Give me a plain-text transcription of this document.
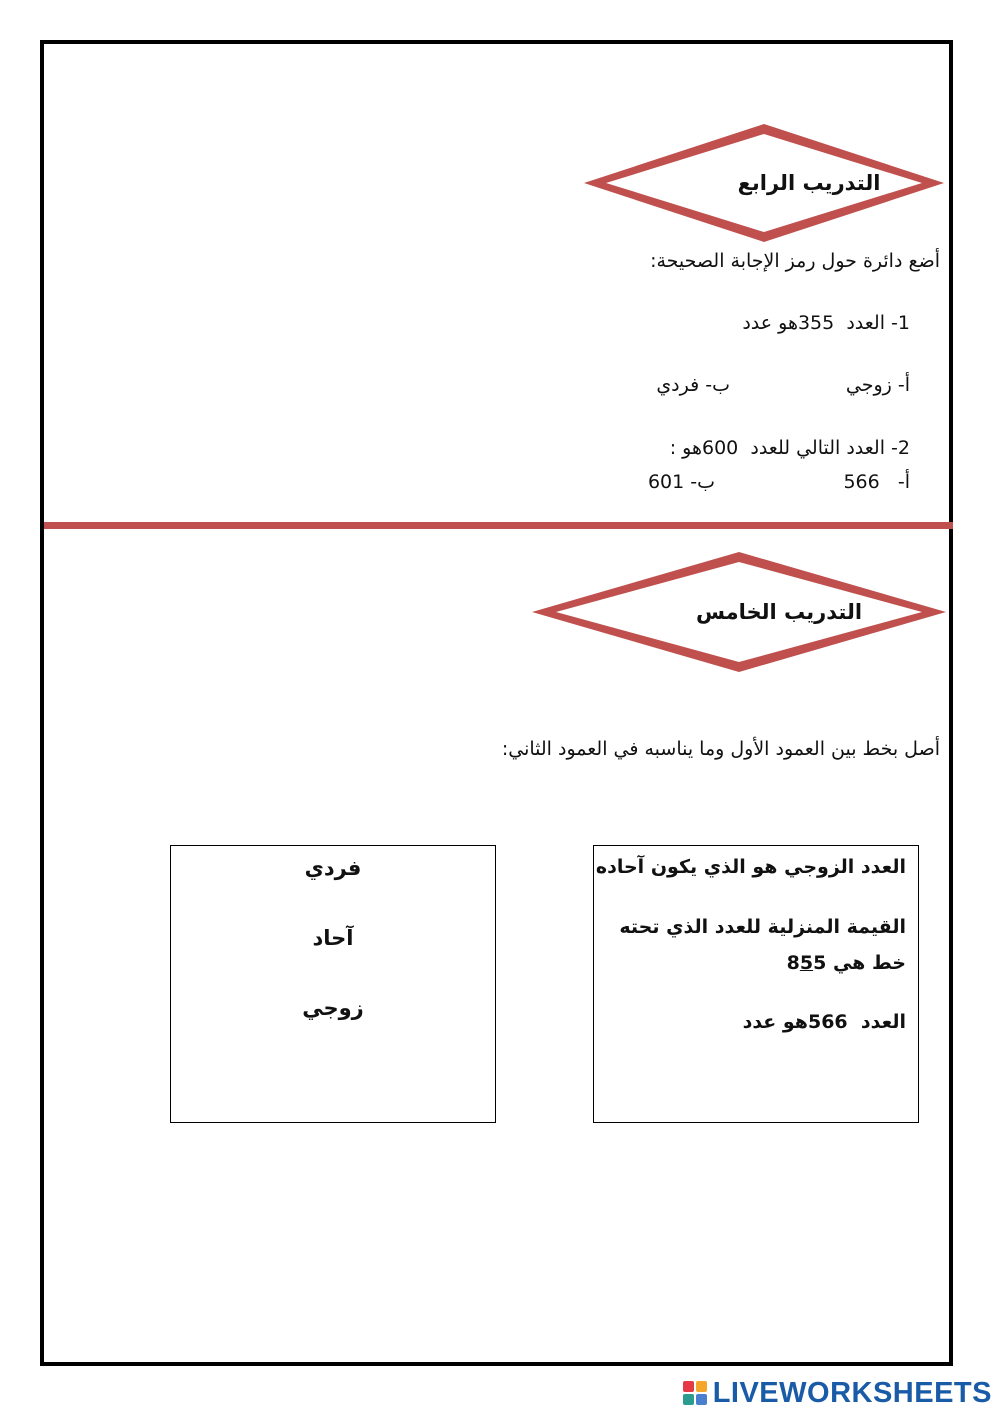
التدريب الرابع
أضع دائرة حول رمز الإجابة الصحيحة:
1- العدد  355هو عدد
أ- زوجي
ب- فردي
2- العدد التالي للعدد  600هو :
أ-   566
ب- 601
التدريب الخامس
أصل بخط بين العمود الأول وما يناسبه في العمود الثاني:
فردي
آحاد
زوجي
العدد الزوجي هو الذي يكون آحاده
القيمة المنزلية للعدد الذي تحته
خط هي 855
العدد  566هو عدد
LIVEWORKSHEETS
